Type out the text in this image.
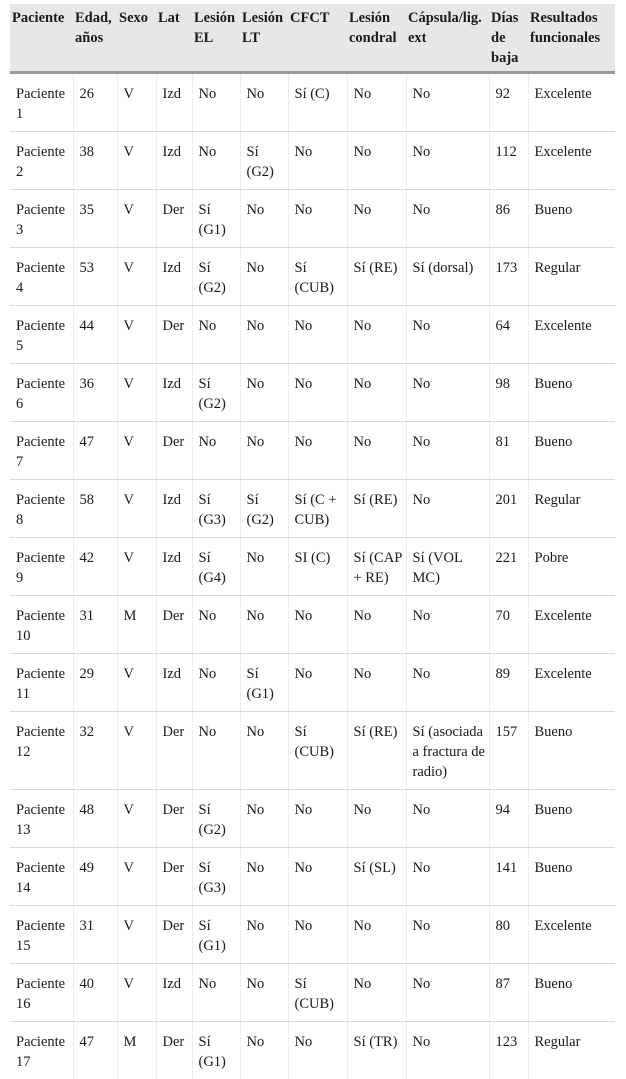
Paciente	Edad, años	Sexo	Lat	Lesión EL	Lesión LT	CFCT	Lesión condral	Cápsula/lig. ext	Días de baja	Resultados funcionales
Paciente 1	26	V	Izd	No	No	Sí (C)	No	No	92	Excelente
Paciente 2	38	V	Izd	No	Sí (G2)	No	No	No	112	Excelente
Paciente 3	35	V	Der	Sí (G1)	No	No	No	No	86	Bueno
Paciente 4	53	V	Izd	Sí (G2)	No	Sí (CUB)	Sí (RE)	Sí (dorsal)	173	Regular
Paciente 5	44	V	Der	No	No	No	No	No	64	Excelente
Paciente 6	36	V	Izd	Sí (G2)	No	No	No	No	98	Bueno
Paciente 7	47	V	Der	No	No	No	No	No	81	Bueno
Paciente 8	58	V	Izd	Sí (G3)	Sí (G2)	Sí (C + CUB)	Sí (RE)	No	201	Regular
Paciente 9	42	V	Izd	Sí (G4)	No	SI (C)	Sí (CAP + RE)	Sí (VOL MC)	221	Pobre
Paciente 10	31	M	Der	No	No	No	No	No	70	Excelente
Paciente 11	29	V	Izd	No	Sí (G1)	No	No	No	89	Excelente
Paciente 12	32	V	Der	No	No	Sí (CUB)	Sí (RE)	Sí (asociada a fractura de radio)	157	Bueno
Paciente 13	48	V	Der	Sí (G2)	No	No	No	No	94	Bueno
Paciente 14	49	V	Der	Sí (G3)	No	No	Sí (SL)	No	141	Bueno
Paciente 15	31	V	Der	Sí (G1)	No	No	No	No	80	Excelente
Paciente 16	40	V	Izd	No	No	Sí (CUB)	No	No	87	Bueno
Paciente 17	47	M	Der	Sí (G1)	No	No	Sí (TR)	No	123	Regular
